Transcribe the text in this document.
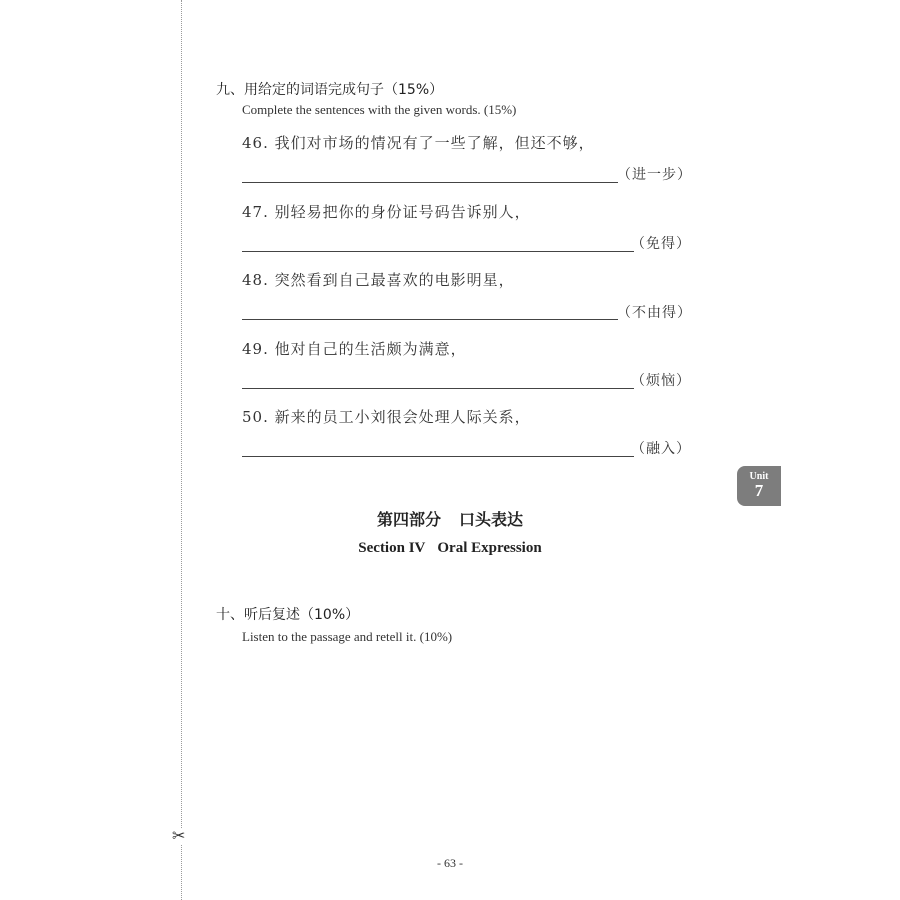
✂
九、用给定的词语完成句子（15%）
Complete the sentences with the given words. (15%)
46. 我们对市场的情况有了一些了解，但还不够，
（进一步）
47. 别轻易把你的身份证号码告诉别人，
（免得）
48. 突然看到自己最喜欢的电影明星，
（不由得）
49. 他对自己的生活颇为满意，
（烦恼）
50. 新来的员工小刘很会处理人际关系，
（融入）
Unit
7
第四部分 口头表达
Section IV Oral Expression
十、听后复述（10%）
Listen to the passage and retell it. (10%)
- 63 -
